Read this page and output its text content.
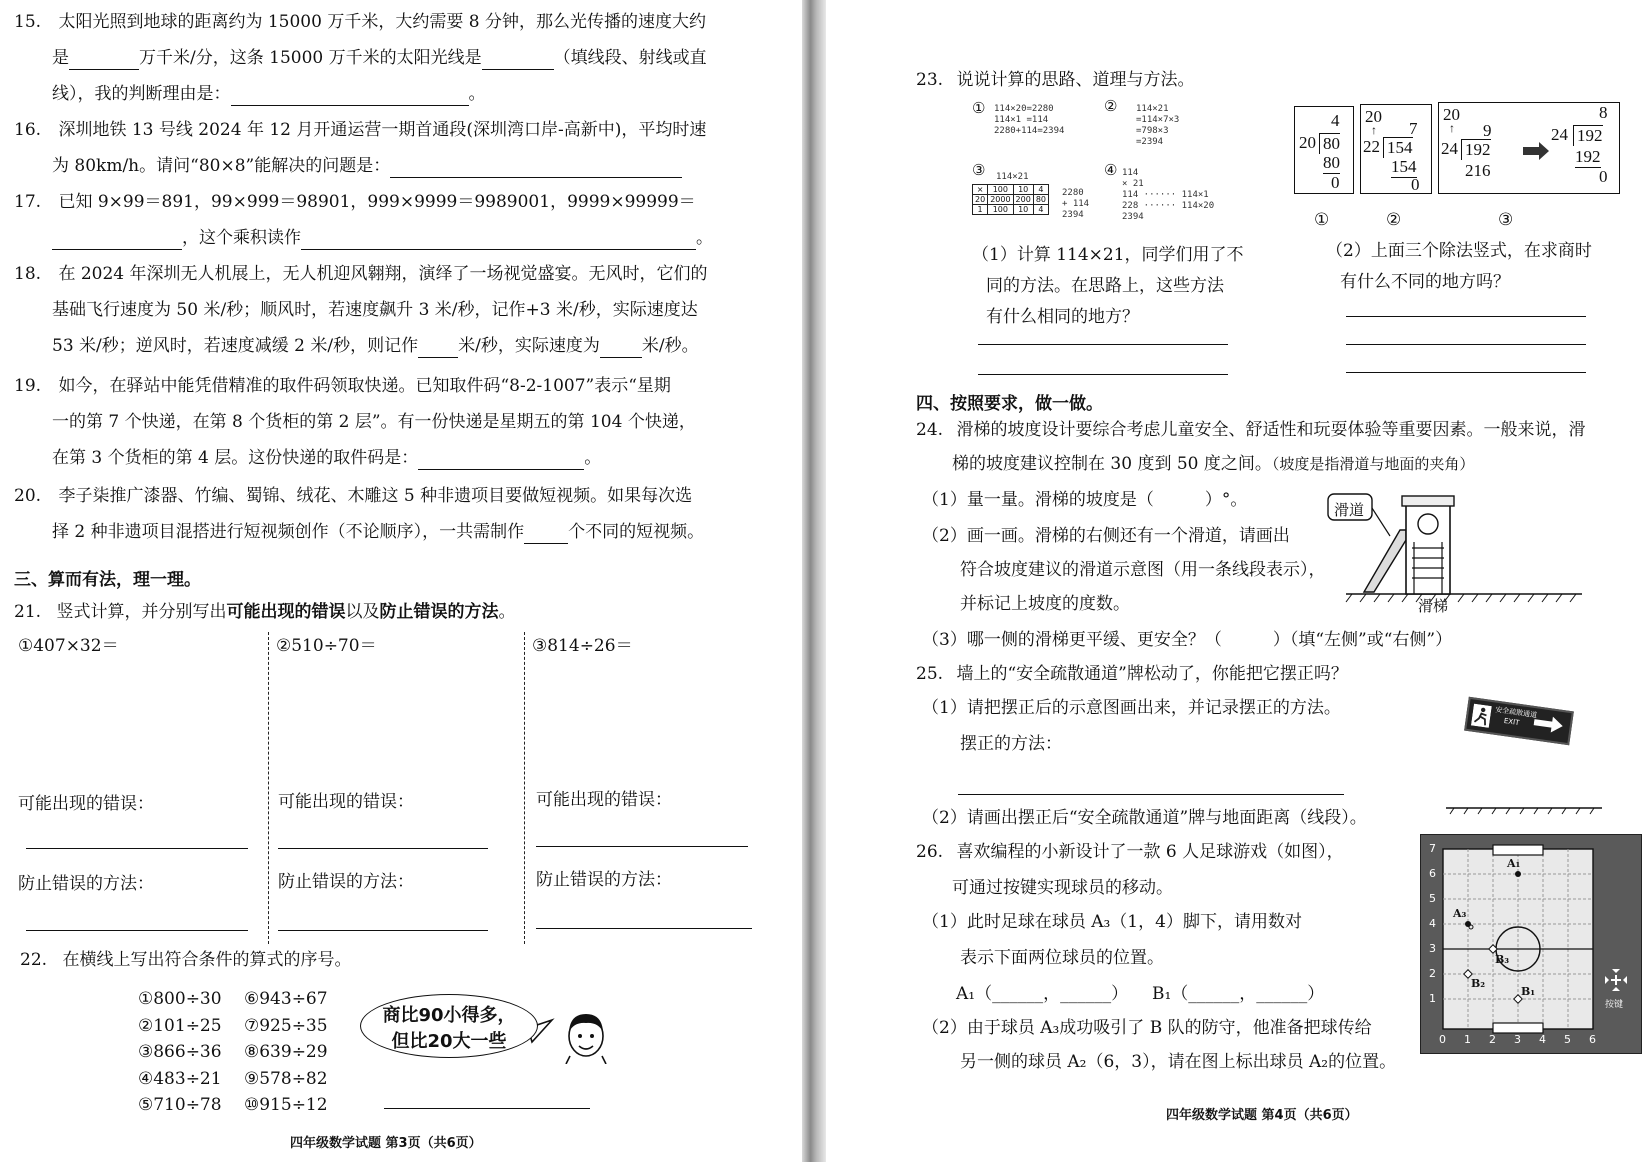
15. 太阳光照到地球的距离约为 15000 万千米，大约需要 8 分钟，那么光传播的速度大约
是	万千米/分，这条 15000 万千米的太阳光线是	（填线段、射线或直
线），我的判断理由是：	。
16. 深圳地铁 13 号线 2024 年 12 月开通运营一期首通段(深圳湾口岸-高新中)，平均时速
为 80km/h。请问“80×8”能解决的问题是：
17. 已知 9×99＝891，99×999＝98901，999×9999＝9989001，9999×99999＝
，这个乘积读作	。
18. 在 2024 年深圳无人机展上，无人机迎风翱翔，演绎了一场视觉盛宴。无风时，它们的
基础飞行速度为 50 米/秒；顺风时，若速度飙升 3 米/秒，记作+3 米/秒，实际速度达
53 米/秒；逆风时，若速度减缓 2 米/秒，则记作 米/秒，实际速度为 米/秒。
19. 如今，在驿站中能凭借精准的取件码领取快递。已知取件码“8-2-1007”表示“星期
一的第 7 个快递，在第 8 个货柜的第 2 层”。有一份快递是星期五的第 104 个快递，
在第 3 个货柜的第 4 层。这份快递的取件码是：	。
20. 李子柒推广漆器、竹编、蜀锦、绒花、木雕这 5 种非遗项目要做短视频。如果每次选
择 2 种非遗项目混搭进行短视频创作（不论顺序），一共需制作	个不同的短视频。
三、算而有法，理一理。
21. 竖式计算，并分别写出可能出现的错误以及防止错误的方法。
①407×32＝	②510÷70＝	③814÷26＝
可能出现的错误：	可能出现的错误：	可能出现的错误：
防止错误的方法：	防止错误的方法：	防止错误的方法：
22. 在横线上写出符合条件的算式的序号。
①800÷30
②101÷25
③866÷36
④483÷21
⑤710÷78
⑥943÷67
⑦925÷35
⑧639÷29
⑨578÷82
⑩915÷12
商比90小得多，
但比20大一些
四年级数学试题 第3页（共6页）
23. 说说计算的思路、道理与方法。
① 114×20=2280
114×1 =114
2280+114=2394
② 114×21
=114×7×3
=798×3
=2394
③ 114×21
×	100	10	4
20	2000	200	80
1	100	10	4
2280
+ 114
2394
④ 114
× 21
114 ······ 114×1
228 ······ 114×20
2394
4
20 80
80
0
20
↑ 7
22 154
154
0
20
↑ 9
24 192
216
8
24 192
192
0
①	②	③
（1）计算 114×21，同学们用了不
同的方法。在思路上，这些方法
有什么相同的地方？
（2）上面三个除法竖式，在求商时
有什么不同的地方吗？
四、按照要求，做一做。
24. 滑梯的坡度设计要综合考虑儿童安全、舒适性和玩耍体验等重要因素。一般来说，滑
梯的坡度建议控制在 30 度到 50 度之间。（坡度是指滑道与地面的夹角）
（1）量一量。滑梯的坡度是（　　　）°。
（2）画一画。滑梯的右侧还有一个滑道，请画出
符合坡度建议的滑道示意图（用一条线段表示），
并标记上坡度的度数。
（3）哪一侧的滑梯更平缓、更安全？（　　　）（填“左侧”或“右侧”）
滑道
滑梯
25. 墙上的“安全疏散通道”牌松动了，你能把它摆正吗？
（1）请把摆正后的示意图画出来，并记录摆正的方法。
摆正的方法：
（2）请画出摆正后“安全疏散通道”牌与地面距离（线段）。
安全疏散通道
EXIT
26. 喜欢编程的小新设计了一款 6 人足球游戏（如图），
可通过按键实现球员的移动。
（1）此时足球在球员 A₃（1，4）脚下，请用数对
表示下面两位球员的位置。
A₁（______，______） B₁（______，______）
（2）由于球员 A₃成功吸引了 B 队的防守，他准备把球传给
另一侧的球员 A₂（6，3），请在图上标出球员 A₂的位置。
0 1 2 3 4 5 6
1
2
3
4
5
6
7
A₁
A₃
B₃
B₂
B₁
按键
四年级数学试题 第4页（共6页）
